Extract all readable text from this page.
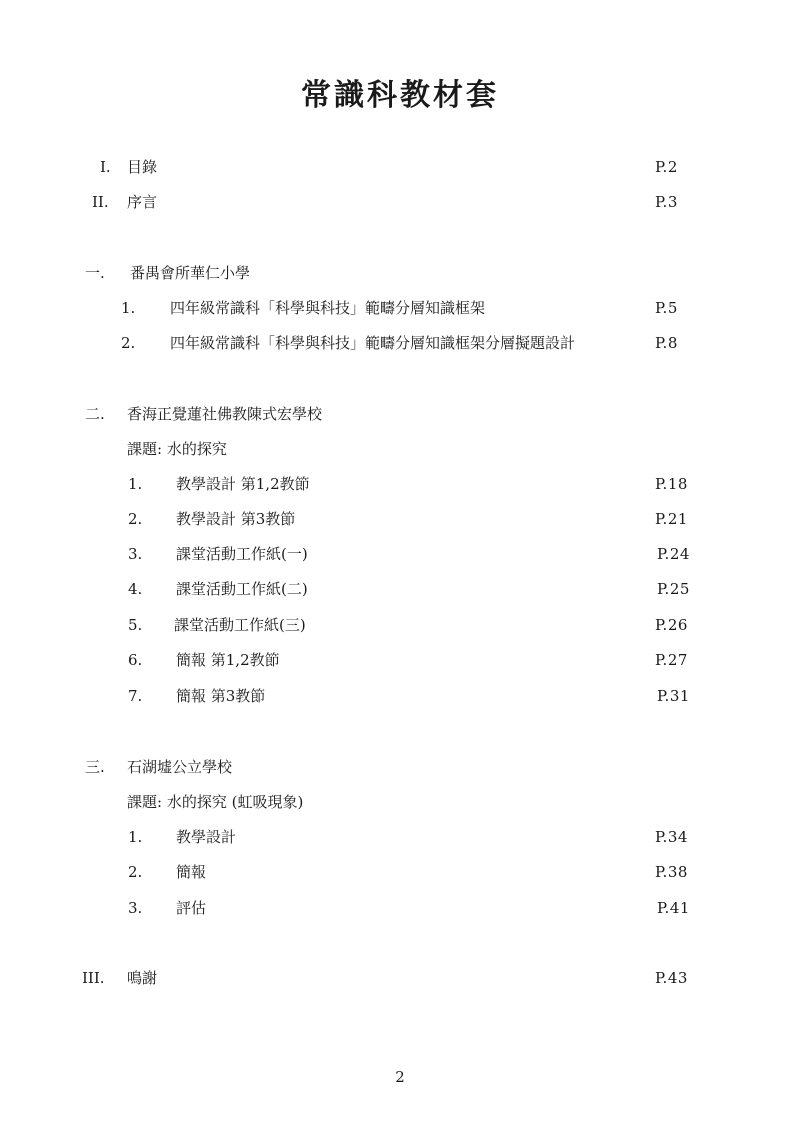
常識科教材套
I. 目錄	P.2
II. 序言	P.3
一. 番禺會所華仁小學
1. 四年級常識科「科學與科技」範疇分層知識框架	P.5
2. 四年級常識科「科學與科技」範疇分層知識框架分層擬題設計	P.8
二. 香海正覺蓮社佛教陳式宏學校
課題: 水的探究
1. 教學設計 第1,2教節	P.18
2. 教學設計 第3教節	P.21
3. 課堂活動工作紙(一)	P.24
4. 課堂活動工作紙(二)	P.25
5. 課堂活動工作紙(三)	P.26
6. 簡報 第1,2教節	P.27
7. 簡報 第3教節	P.31
三. 石湖墟公立學校
課題: 水的探究 (虹吸現象)
1. 教學設計	P.34
2. 簡報	P.38
3. 評估	P.41
III. 鳴謝	P.43
2
